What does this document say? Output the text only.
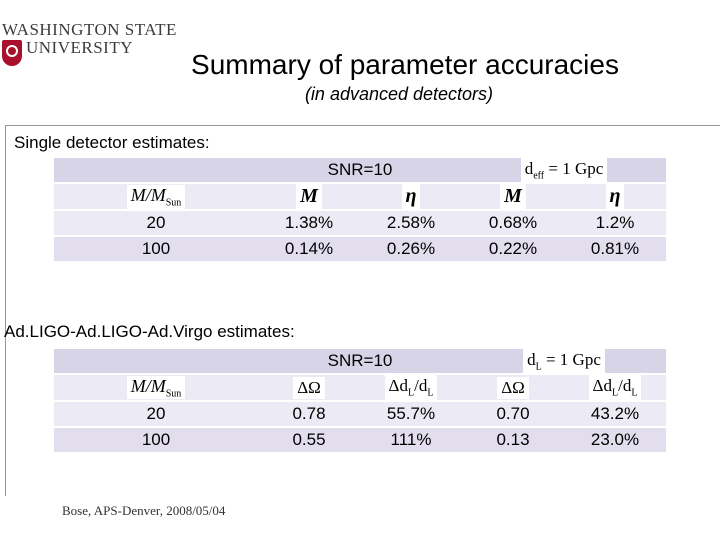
WASHINGTON STATE
UNIVERSITY
Summary of parameter accuracies
(in advanced detectors)
Single detector estimates:
	SNR=10		$d_{eff} = 1$ Gpc	
$M/M_{Sun}$	M	η	M	η
20	1.38%	2.58%	0.68%	1.2%
100	0.14%	0.26%	0.22%	0.81%
Ad.LIGO-Ad.LIGO-Ad.Virgo estimates:
	SNR=10		$d_L = 1$ Gpc	
$M/M_{Sun}$	ΔΩ	$\Delta d_L/d_L$	ΔΩ	$\Delta d_L/d_L$
20	0.78	55.7%	0.70	43.2%
100	0.55	111%	0.13	23.0%
Bose, APS-Denver, 2008/05/04
